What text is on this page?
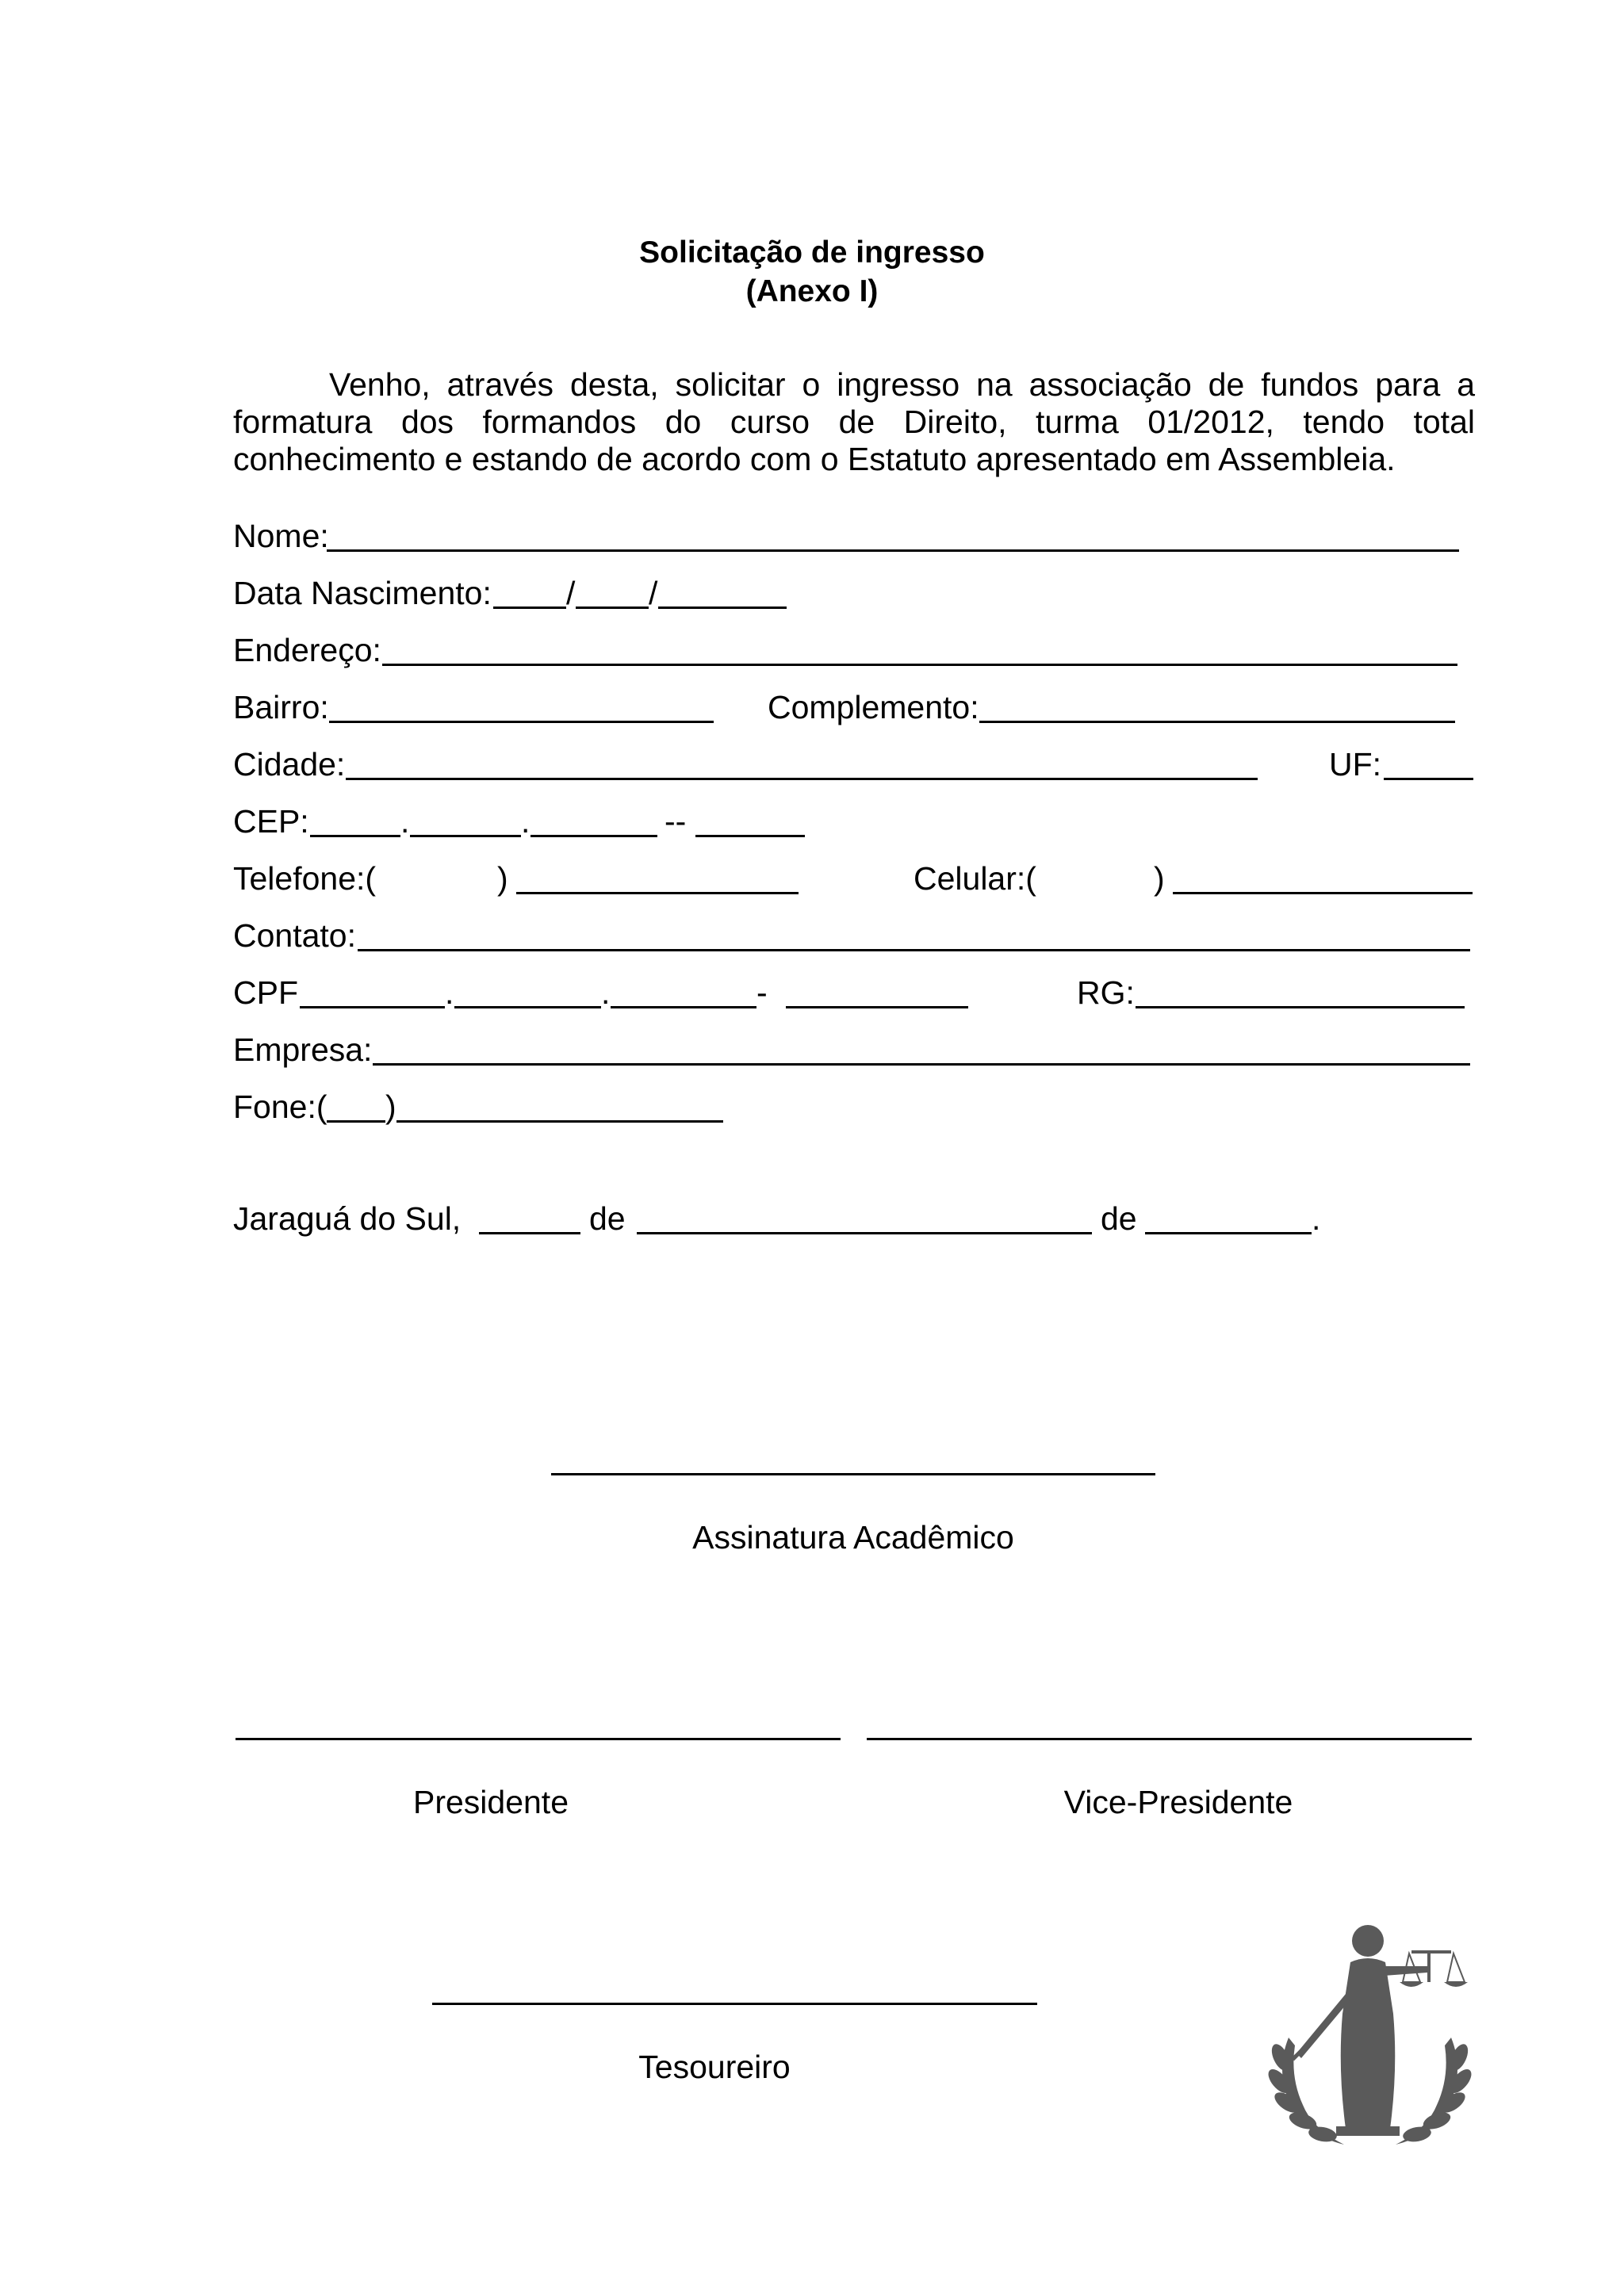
Solicitação de ingresso
(Anexo I)
Venho, através desta, solicitar o ingresso na associação de fundos para a
formatura dos formandos do curso de Direito, turma 01/2012, tendo total
conhecimento e estando de acordo com o Estatuto apresentado em Assembleia.
Nome:
Data Nascimento: / /
Endereço:
Bairro:	Complemento:
Cidade:	UF:
CEP:	.	.	--
Telefone:(	)	Celular:(	)
Contato:
CPF	.	.	-	RG:
Empresa:
Fone:( )
Jaraguá do Sul,	de	de	.
Assinatura Acadêmico
Presidente	Vice-Presidente
Tesoureiro
